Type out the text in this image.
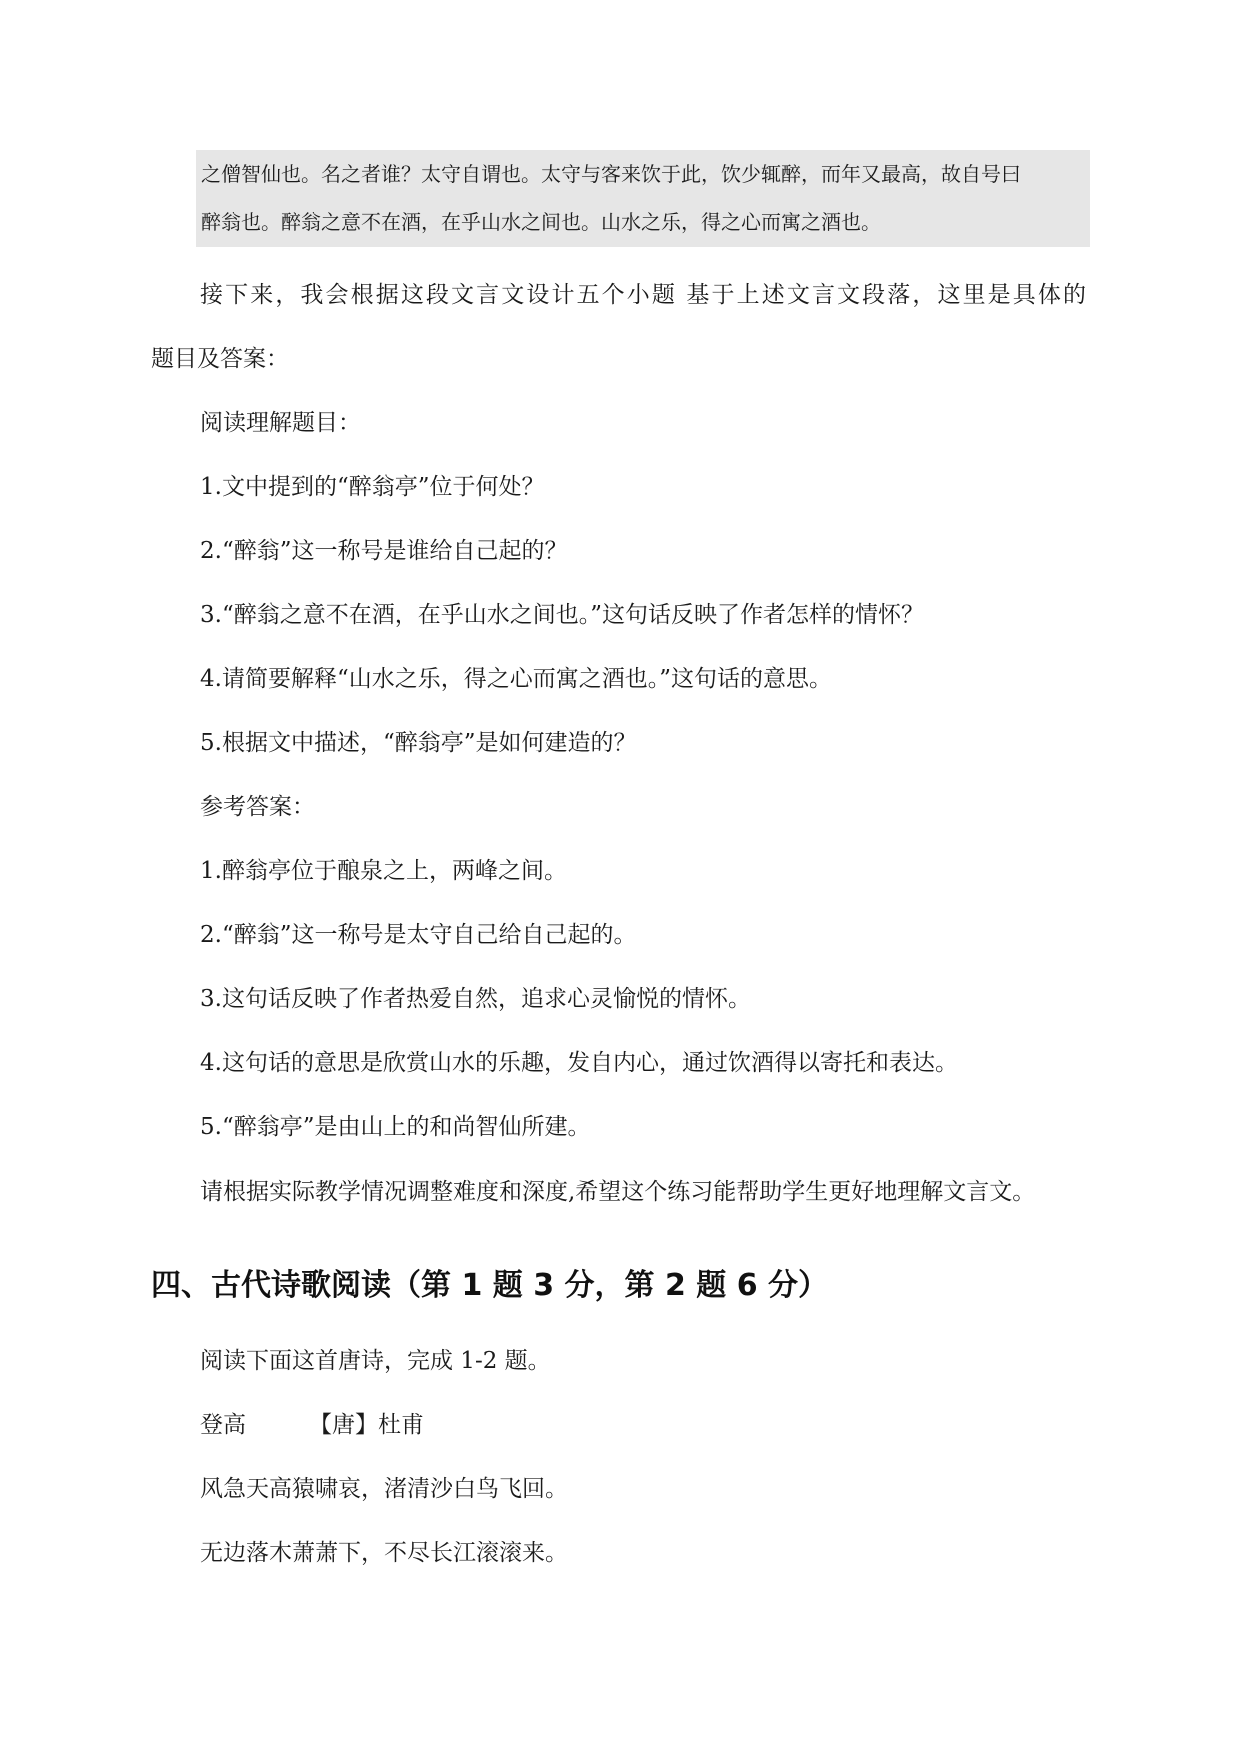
之僧智仙也。名之者谁？太守自谓也。太守与客来饮于此，饮少辄醉，而年又最高，故自号曰
醉翁也。醉翁之意不在酒，在乎山水之间也。山水之乐，得之心而寓之酒也。
接下来，我会根据这段文言文设计五个小题 基于上述文言文段落，这里是具体的
题目及答案：
阅读理解题目：
1.文中提到的“醉翁亭”位于何处？
2.“醉翁”这一称号是谁给自己起的？
3.“醉翁之意不在酒，在乎山水之间也。”这句话反映了作者怎样的情怀？
4.请简要解释“山水之乐，得之心而寓之酒也。”这句话的意思。
5.根据文中描述，“醉翁亭”是如何建造的？
参考答案：
1.醉翁亭位于酿泉之上，两峰之间。
2.“醉翁”这一称号是太守自己给自己起的。
3.这句话反映了作者热爱自然，追求心灵愉悦的情怀。
4.这句话的意思是欣赏山水的乐趣，发自内心，通过饮酒得以寄托和表达。
5.“醉翁亭”是由山上的和尚智仙所建。
请根据实际教学情况调整难度和深度,希望这个练习能帮助学生更好地理解文言文。
四、古代诗歌阅读（第 1 题 3 分，第 2 题 6 分）
阅读下面这首唐诗，完成 1-2 题。
登高	【唐】杜甫
风急天高猿啸哀，渚清沙白鸟飞回。
无边落木萧萧下，不尽长江滚滚来。
